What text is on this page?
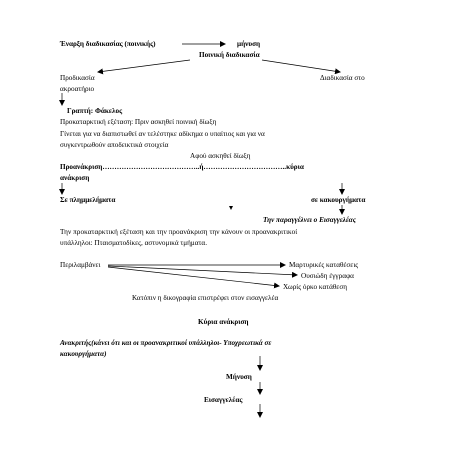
Έναρξη διαδικασίας (ποινικής)	μήνυση
Ποινική διαδικασία
Προδικασία	Διαδικασία στο
ακροατήριο
Γραπτή: Φάκελος
Προκαταρκτική εξέταση: Πριν ασκηθεί ποινική δίωξη
Γίνεται για να διαπιστωθεί αν τελέστηκε αδίκημα ο υπαίτιος και για να
συγκεντρωθούν αποδεικτικά στοιχεία
Αφού ασκηθεί δίωξη
Προανάκριση…………………………………..ή……………………………..κύρια
ανάκριση
Σε πλημμελήματα	σε κακουργήματα
Την παραγγέλνει ο Εισαγγελέας
Την προκαταρκτική εξέταση και την προανάκριση την κάνουν οι προανακριτικοί
υπάλληλοι: Πταισματοδίκες, αστυνομικά τμήματα.
Περιλαμβάνει	Μαρτυρικές καταθέσεις
Ουσιώδη έγγραφα
Χωρίς όρκο κατάθεση
Κατόπιν η δικογραφία επιστρέφει στον εισαγγελέα
Κύρια ανάκριση
Ανακριτής(κάνει ότι και οι προανακριτικοί υπάλληλοι- Υποχρεωτικά σε
κακουργήματα)
Μήνυση
Εισαγγελέας
